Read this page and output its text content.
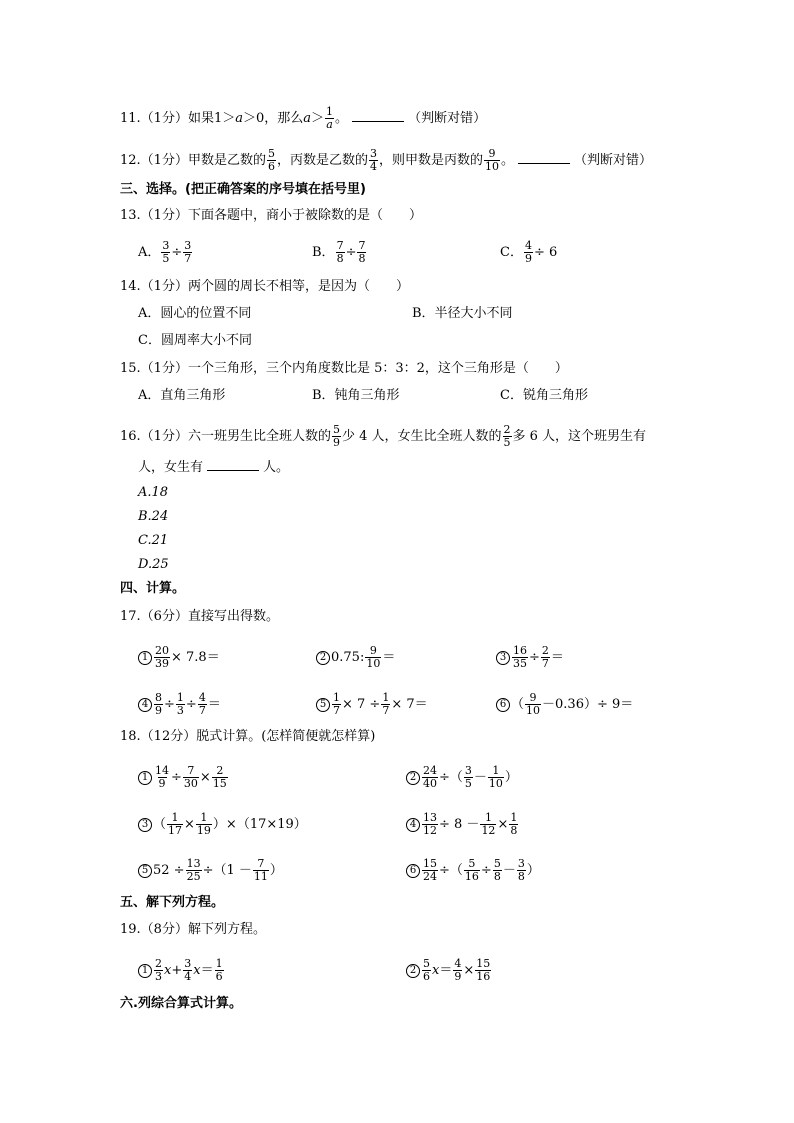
11.（1分）如果1＞a＞0，那么$a> \frac{1}{a}$ 。	（判断对错）
12.（1分）甲数是乙数的 $\frac{5}{6}$ ，丙数是乙数的 $\frac{3}{4}$ ，则甲数是丙数的 $\frac{9}{10}$ 。	（判断对错）
三、选择。(把正确答案的序号填在括号里)
13.（1分）下面各题中，商小于被除数的是（　　）
A． $\frac{3}{5} \div \frac{3}{7}$	B． $\frac{7}{8} \div \frac{7}{8}$	C． $\frac{4}{9} \div 6$
14.（1分）两个圆的周长不相等，是因为（　　）
A．圆心的位置不同	B．半径大小不同
C．圆周率大小不同
15.（1分）一个三角形，三个内角度数比是 5：3：2，这个三角形是（　　）
A．直角三角形	B．钝角三角形	C．锐角三角形
16.（1分）六一班男生比全班人数的 $\frac{5}{9}$ 少 4 人，女生比全班人数的 $\frac{2}{5}$ 多 6 人，这个班男生有
人，女生有	人。
A.18
B.24
C.21
D.25
四、计算。
17.（6分）直接写出得数。
$1 \frac{20}{39} \times 7.8=$	2 0.75: $\frac{9}{10}$ ＝	$3 \frac{16}{35} \div \frac{2}{7}$ ＝
$4 \frac{8}{9} \div \frac{1}{3} \div \frac{4}{7}$ ＝	$5 \frac{1}{7} \times 7 \div \frac{1}{7} \times 7=$	6 （ $\frac{9}{10} -0.36)\div 9=$
18.（12分）脱式计算。(怎样简便就怎样算)
$1 \frac{14}{9} \div \frac{7}{30} \times \frac{2}{15}$	$2 \frac{24}{40}$ ÷（ $\frac{3}{5} - \frac{1}{10}$ ）
3 （ $\frac{1}{17} \times \frac{1}{19} )\times(17\times 19)$	$4 \frac{13}{12} \div 8 - \frac{1}{12} \times \frac{1}{8}$
5 $52 \div \frac{13}{25} \div(1 - \frac{7}{11}$ ）	$6 \frac{15}{24}$ ÷（ $\frac{5}{16} \div \frac{5}{8} - \frac{3}{8}$ ）
五、解下列方程。
19.（8分）解下列方程。
$1 \frac{2}{3} x+ \frac{3}{4} x= \frac{1}{6}$	$2 \frac{5}{6} x= \frac{4}{9} \times \frac{15}{16}$
六.列综合算式计算。
